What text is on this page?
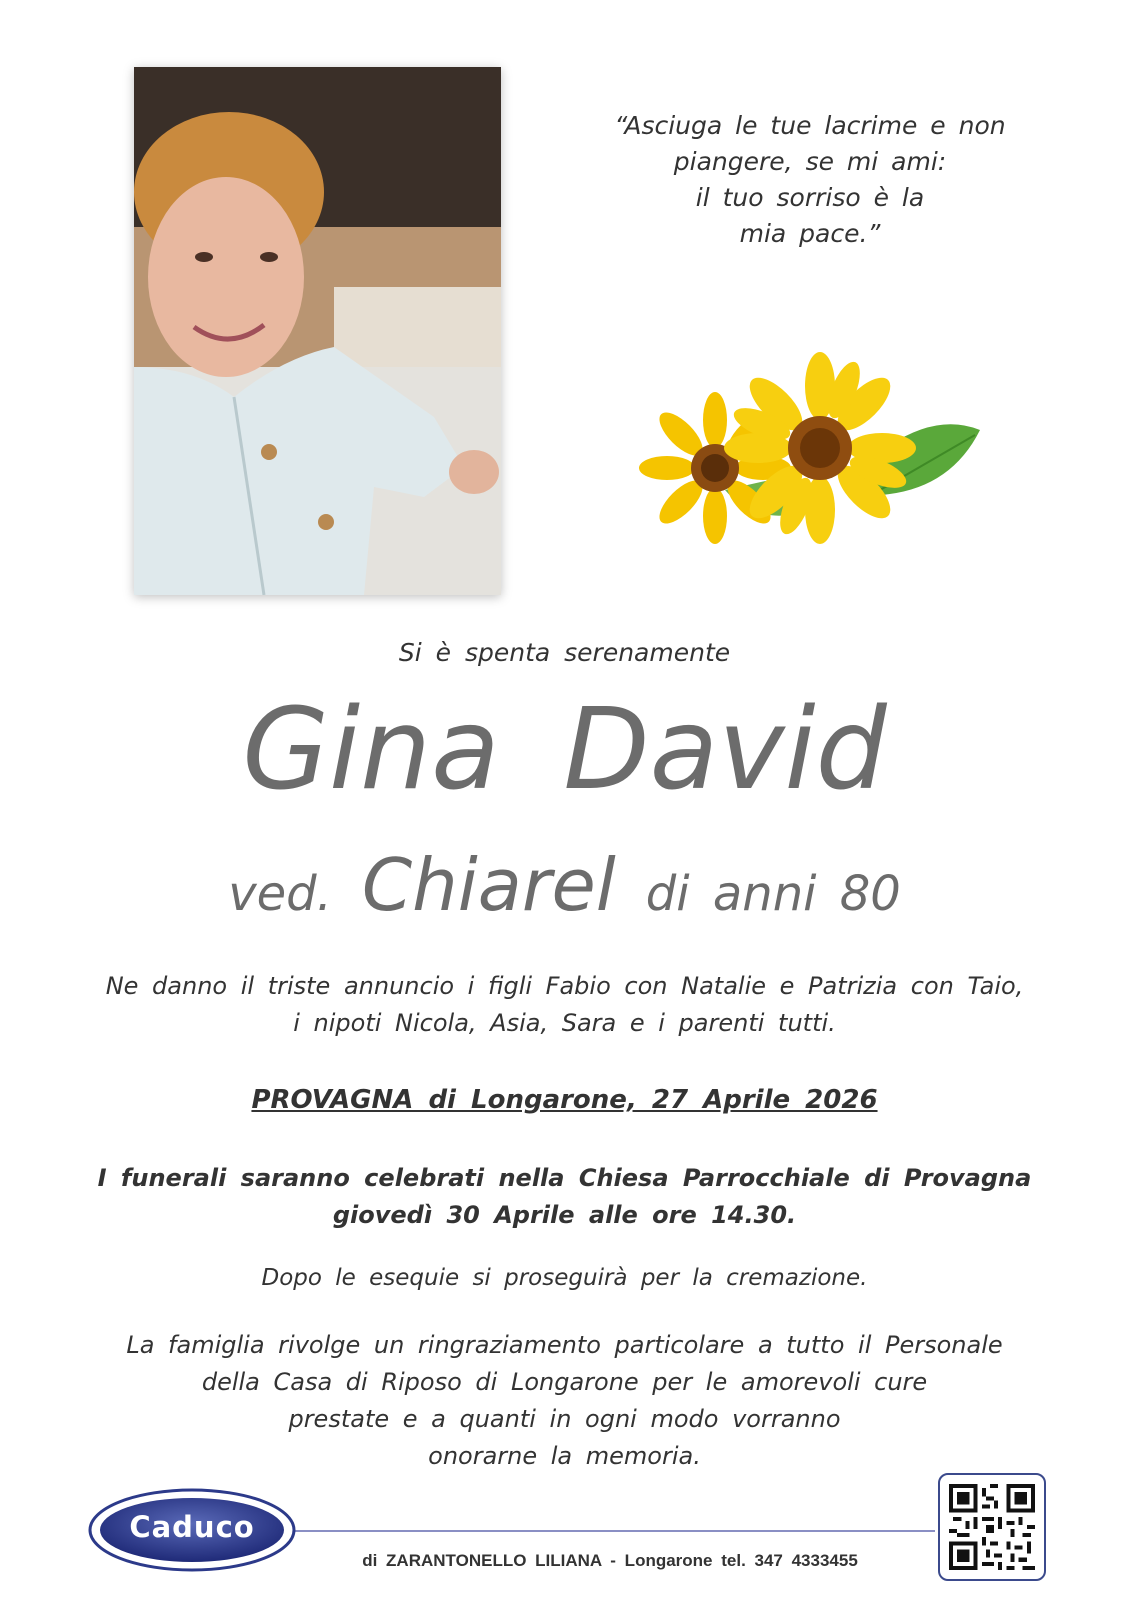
“Asciuga le tue lacrime e non
piangere, se mi ami:
il tuo sorriso è la
mia pace.”
Si è spenta serenamente
Gina David
ved. Chiarel di anni 80
Ne danno il triste annuncio i figli Fabio con Natalie e Patrizia con Taio,
i nipoti Nicola, Asia, Sara e i parenti tutti.
PROVAGNA di Longarone, 27 Aprile 2026
I funerali saranno celebrati nella Chiesa Parrocchiale di Provagna
giovedì 30 Aprile alle ore 14.30.
Dopo le esequie si proseguirà per la cremazione.
La famiglia rivolge un ringraziamento particolare a tutto il Personale
della Casa di Riposo di Longarone per le amorevoli cure
prestate e a quanti in ogni modo vorranno
onorarne la memoria.
Caduco
di ZARANTONELLO LILIANA - Longarone tel. 347 4333455
